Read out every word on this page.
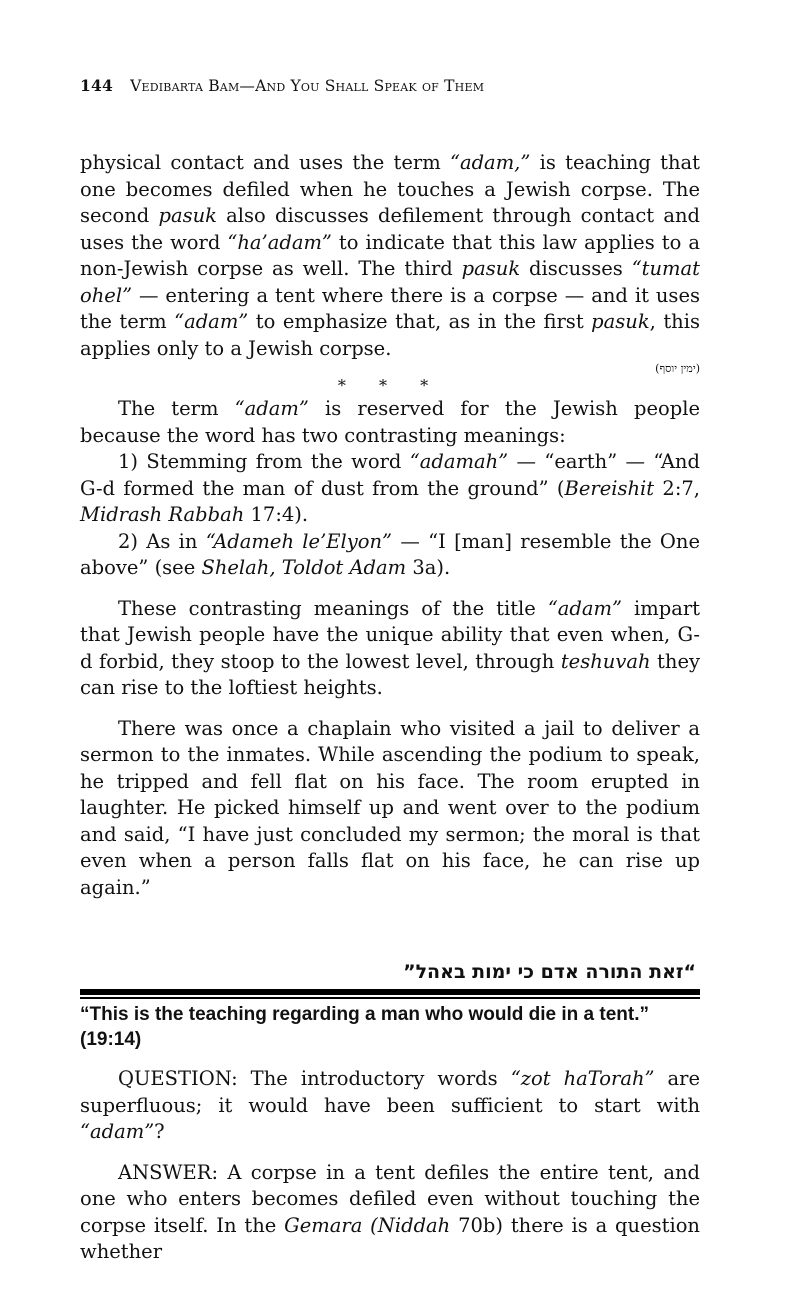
144 Vedibarta Bam—And You Shall Speak of Them

physical contact and uses the term “adam,” is teaching that one becomes defiled when he touches a Jewish corpse. The second pasuk also discusses defilement through contact and uses the word “ha’adam” to indicate that this law applies to a non-Jewish corpse as well. The third pasuk discusses “tumat ohel” — entering a tent where there is a corpse — and it uses the term “adam” to emphasize that, as in the first pasuk, this applies only to a Jewish corpse.

(ימין יוסף)

* * *

The term “adam” is reserved for the Jewish people because the word has two contrasting meanings:

1) Stemming from the word “adamah” — “earth” — “And G-d formed the man of dust from the ground” (Bereishit 2:7, Midrash Rabbah 17:4).

2) As in “Adameh le’Elyon” — “I [man] resemble the One above” (see Shelah, Toldot Adam 3a).

These contrasting meanings of the title “adam” impart that Jewish people have the unique ability that even when, G-d forbid, they stoop to the lowest level, through teshuvah they can rise to the loftiest heights.

There was once a chaplain who visited a jail to deliver a sermon to the inmates. While ascending the podium to speak, he tripped and fell flat on his face. The room erupted in laughter. He picked himself up and went over to the podium and said, “I have just concluded my sermon; the moral is that even when a person falls flat on his face, he can rise up again.”

“זאת התורה אדם כי ימות באהל”
“This is the teaching regarding a man who would die in a tent.” (19:14)

QUESTION: The introductory words “zot haTorah” are superfluous; it would have been sufficient to start with “adam”?

ANSWER: A corpse in a tent defiles the entire tent, and one who enters becomes defiled even without touching the corpse itself. In the Gemara (Niddah 70b) there is a question whether
